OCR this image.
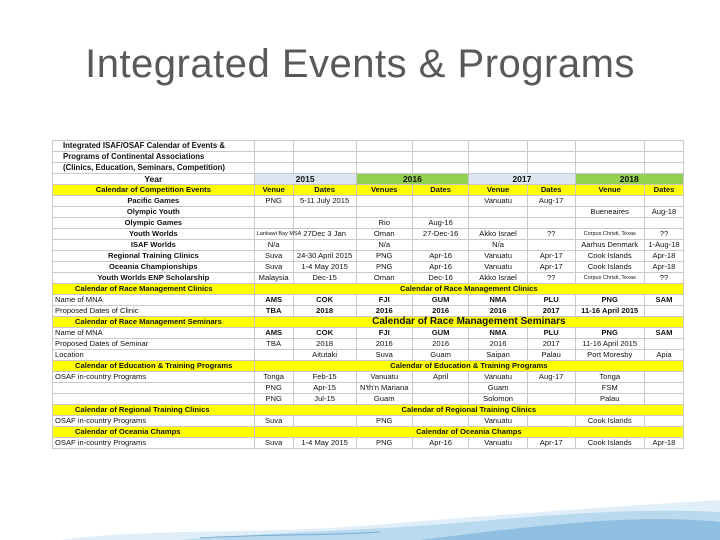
Integrated Events & Programs
Integrated ISAF/OSAF Calendar of Events &								
Programs of Continental Associations								
(Clinics, Education, Seminars, Competition)								
Year	2015		2016		2017		2018	
Calendar of Competition Events	Venue	Dates	Venues	Dates	Venue	Dates	Venue	Dates
Pacific Games	PNG	5-11 July 2015			Vanuatu	Aug-17		
Olympic Youth							Bueneaires	Aug-18
Olympic Games			Rio	Aug-16				
Youth Worlds	Lankawi Bay MSA	27Dec 3 Jan	Oman	27-Dec-16	Akko Israel	??	Corpus Christi, Texas	??
ISAF Worlds	N/a		N/a		N/a		Aarhus Denmark	1-Aug-18
Regional Training Clinics	Suva	24-30 April 2015	PNG	Apr-16	Vanuatu	Apr-17	Cook Islands	Apr-18
Oceania Championships	Suva	1-4 May 2015	PNG	Apr-16	Vanuatu	Apr-17	Cook Islands	Apr-18
Youth Worlds ENP Scholarship	Malaysia	Dec-15	Oman	Dec-16	Akko Israel	??	Corpus Christi, Texas	??
Calendar of Race Management Clinics	Calendar of Race Management Clinics							
Name of MNA	AMS	COK	FJI	GUM	NMA	PLU	PNG	SAM
Proposed Dates of Clinic	TBA	2018	2016	2016	2016	2017	11-16 April 2015	
Calendar of Race Management Seminars	Calendar of Race Management Seminars							
Name of MNA	AMS	COK	FJI	GUM	NMA	PLU	PNG	SAM
Proposed Dates of Seminar	TBA	2018	2016	2016	2016	2017	11-16 April 2015	
Location		Aitutaki	Suva	Guam	Saipan	Palau	Port Moresby	Apia
Calendar of Education & Training Programs	Calendar of Education & Training Programs							
OSAF in-country Programs	Tonga	Feb-15	Vanuatu	April	Vanuatu	Aug-17	Tonga	
	PNG	Apr-15	N'th'n Mariana		Guam		FSM	
	PNG	Jul-15	Guam		Solomon		Palau	
Calendar of Regional Training Clinics	Calendar of Regional Training Clinics							
OSAF in-country Programs	Suva		PNG		Vanuatu		Cook Islands	
Calendar of Oceania Champs	Calendar of Oceania Champs							
OSAF in-country Programs	Suva	1-4 May 2015	PNG	Apr-16	Vanuatu	Apr-17	Cook Islands	Apr-18
